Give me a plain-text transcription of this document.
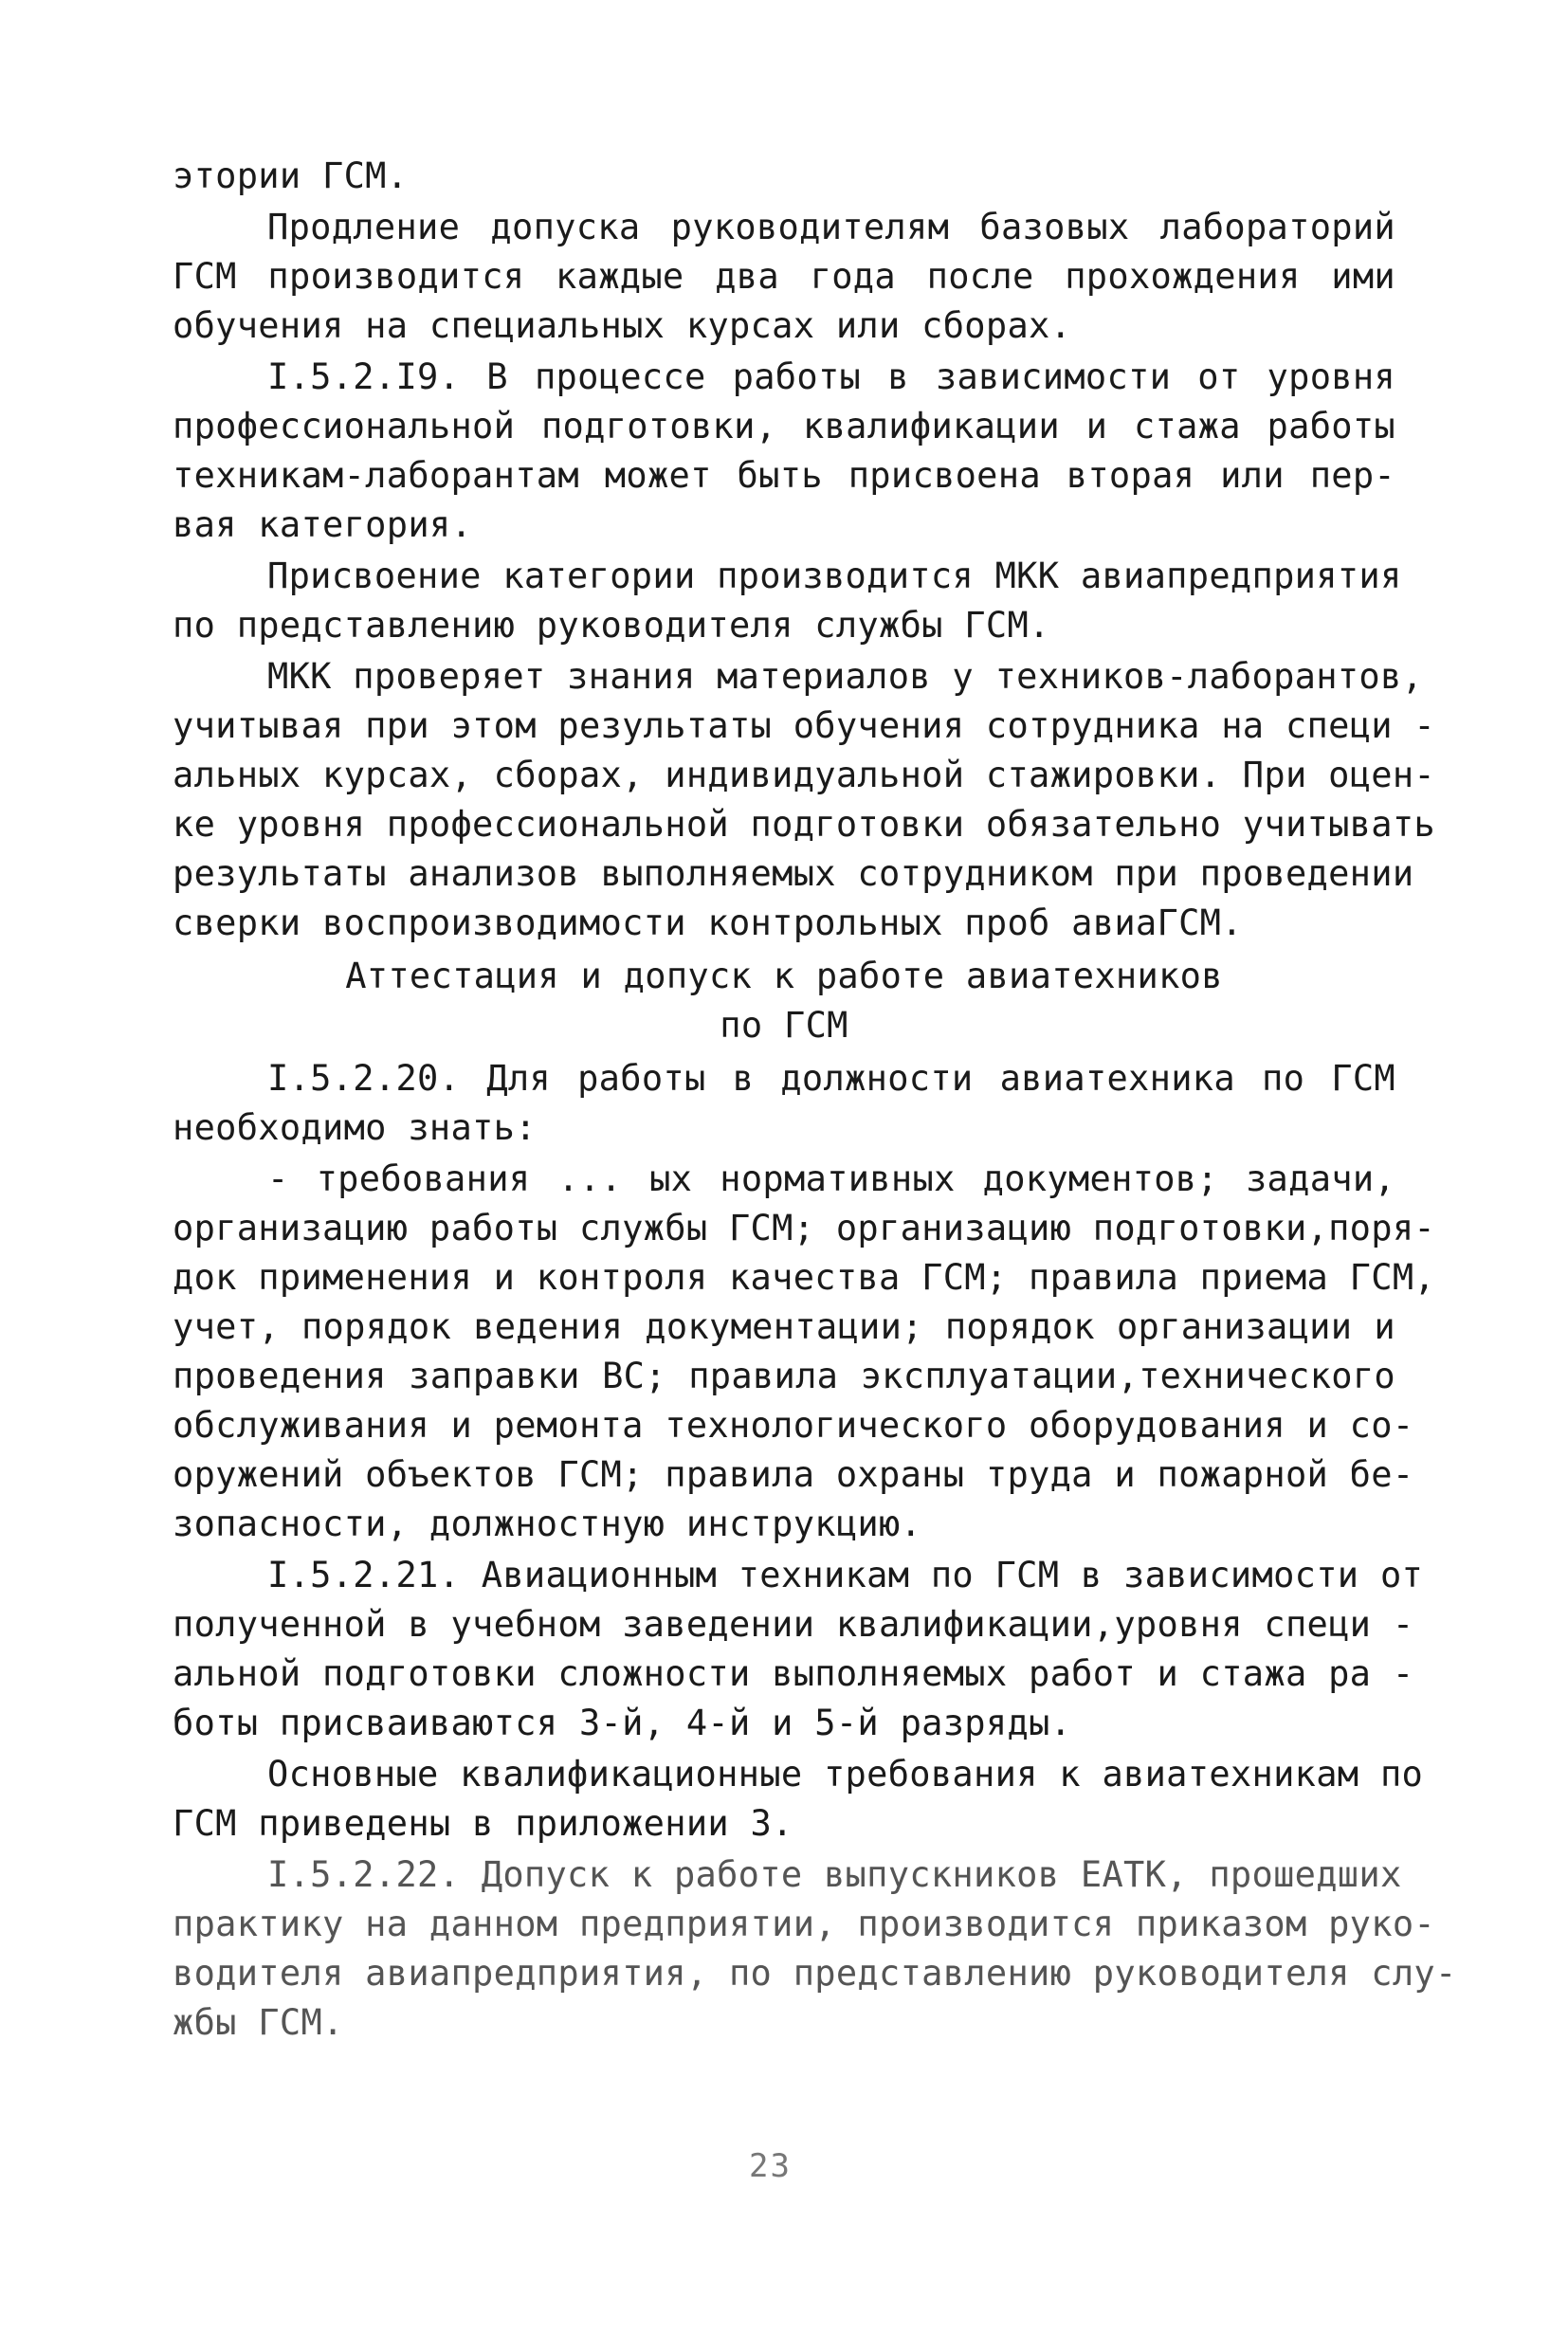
этории ГСМ.
Продление допуска руководителям базовых лабораторий
ГСМ производится каждые два года после прохождения ими
обучения на специальных курсах или сборах.
I.5.2.I9. В процессе работы в зависимости от уровня
профессиональной подготовки, квалификации и стажа работы
техникам-лаборантам может быть присвоена вторая или пер-
вая категория.
Присвоение категории производится МКК авиапредприятия
по представлению руководителя службы ГСМ.
МКК проверяет знания материалов у техников-лаборантов,
учитывая при этом результаты обучения сотрудника на специ -
альных курсах, сборах, индивидуальной стажировки. При оцен-
ке уровня профессиональной подготовки обязательно учитывать
результаты анализов выполняемых сотрудником при проведении
сверки воспроизводимости контрольных проб авиаГСМ.
Аттестация и допуск к работе авиатехников
по ГСМ
I.5.2.20. Для работы в должности авиатехника по ГСМ
необходимо знать:
- требования ... ых нормативных документов; задачи,
организацию работы службы ГСМ; организацию подготовки,поря-
док применения и контроля качества ГСМ; правила приема ГСМ,
учет, порядок ведения документации; порядок организации и
проведения заправки ВС; правила эксплуатации,технического
обслуживания и ремонта технологического оборудования и со-
оружений объектов ГСМ; правила охраны труда и пожарной бе-
зопасности, должностную инструкцию.
I.5.2.21. Авиационным техникам по ГСМ в зависимости от
полученной в учебном заведении квалификации,уровня специ -
альной подготовки сложности выполняемых работ и стажа ра -
боты присваиваются 3-й, 4-й и 5-й разряды.
Основные квалификационные требования к авиатехникам по
ГСМ приведены в приложении 3.
I.5.2.22. Допуск к работе выпускников ЕАТК, прошедших
практику на данном предприятии, производится приказом руко-
водителя авиапредприятия, по представлению руководителя слу-
жбы ГСМ.
23
